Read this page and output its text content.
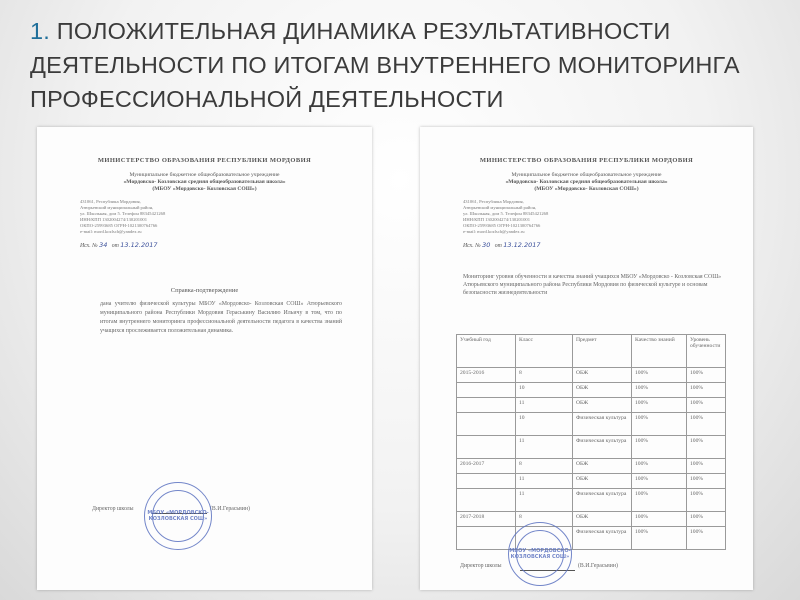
1. ПОЛОЖИТЕЛЬНАЯ ДИНАМИКА РЕЗУЛЬТАТИВНОСТИ ДЕЯТЕЛЬНОСТИ ПО ИТОГАМ ВНУТРЕННЕГО МОНИТОРИНГА ПРОФЕССИОНАЛЬНОЙ ДЕЯТЕЛЬНОСТИ
МИНИСТЕРСТВО ОБРАЗОВАНИЯ РЕСПУБЛИКИ МОРДОВИЯ
Муниципальное бюджетное общеобразовательное учреждение
«Мордовско- Козловская средняя общеобразовательная школа»
(МБОУ «Мордовско- Козловская СОШ»)
431061, Республика Мордовия,
Атюрьевский муниципальный район,
ул. Школьная, дом 5. Телефон 88345421268
ИНН/КПП 1302004274/130201001
ОКПО-25993685 ОГРН-1021300764766
e-mail: mord.kozlsch@yandex.ru
Исх. № 34 от 13.12.2017
Справка-подтверждение
дана учителю физической культуры МБОУ «Мордовско- Козловская СОШ» Атюрьевского муниципального района Республики Мордовия Гераськину Василию Ильичу в том, что по итогам внутреннего мониторинга профессиональной деятельности педагога в качества знаний учащихся прослеживается положительная динамика.
Директор школы	(В.И.Герасьвин)
МБОУ «МОРДОВСКО-КОЗЛОВСКАЯ СОШ»
МИНИСТЕРСТВО ОБРАЗОВАНИЯ РЕСПУБЛИКИ МОРДОВИЯ
Муниципальное бюджетное общеобразовательное учреждение
«Мордовско- Козловская средняя общеобразовательная школа»
(МБОУ «Мордовско- Козловская СОШ»)
431061, Республика Мордовия,
Атюрьевский муниципальный район,
ул. Школьная, дом 5. Телефон 88345421268
ИНН/КПП 1302004274/130201001
ОКПО-25993685 ОГРН-1021300764766
e-mail: mord.kozlsch@yandex.ru
Исх. № 30 от 13.12.2017
Мониторинг уровня обученности и качества знаний учащихся МБОУ «Мордовско - Козловская СОШ» Атюрьевского муниципального района Республики Мордовия по физической культуре и основам безопасности жизнедеятельности
Учебный год	Класс	Предмет	Качество знаний	Уровень обученности
2015-2016	8	ОБЖ	100%	100%
	10	ОБЖ	100%	100%
	11	ОБЖ	100%	100%
	10	Физическая культура	100%	100%
	11	Физическая культура	100%	100%
2016-2017	8	ОБЖ	100%	100%
	11	ОБЖ	100%	100%
	11	Физическая культура	100%	100%
2017-2018	8	ОБЖ	100%	100%
		Физическая культура	100%	100%
Директор школы	(В.И.Герасьвин)
МБОУ «МОРДОВСКО-КОЗЛОВСКАЯ СОШ»
